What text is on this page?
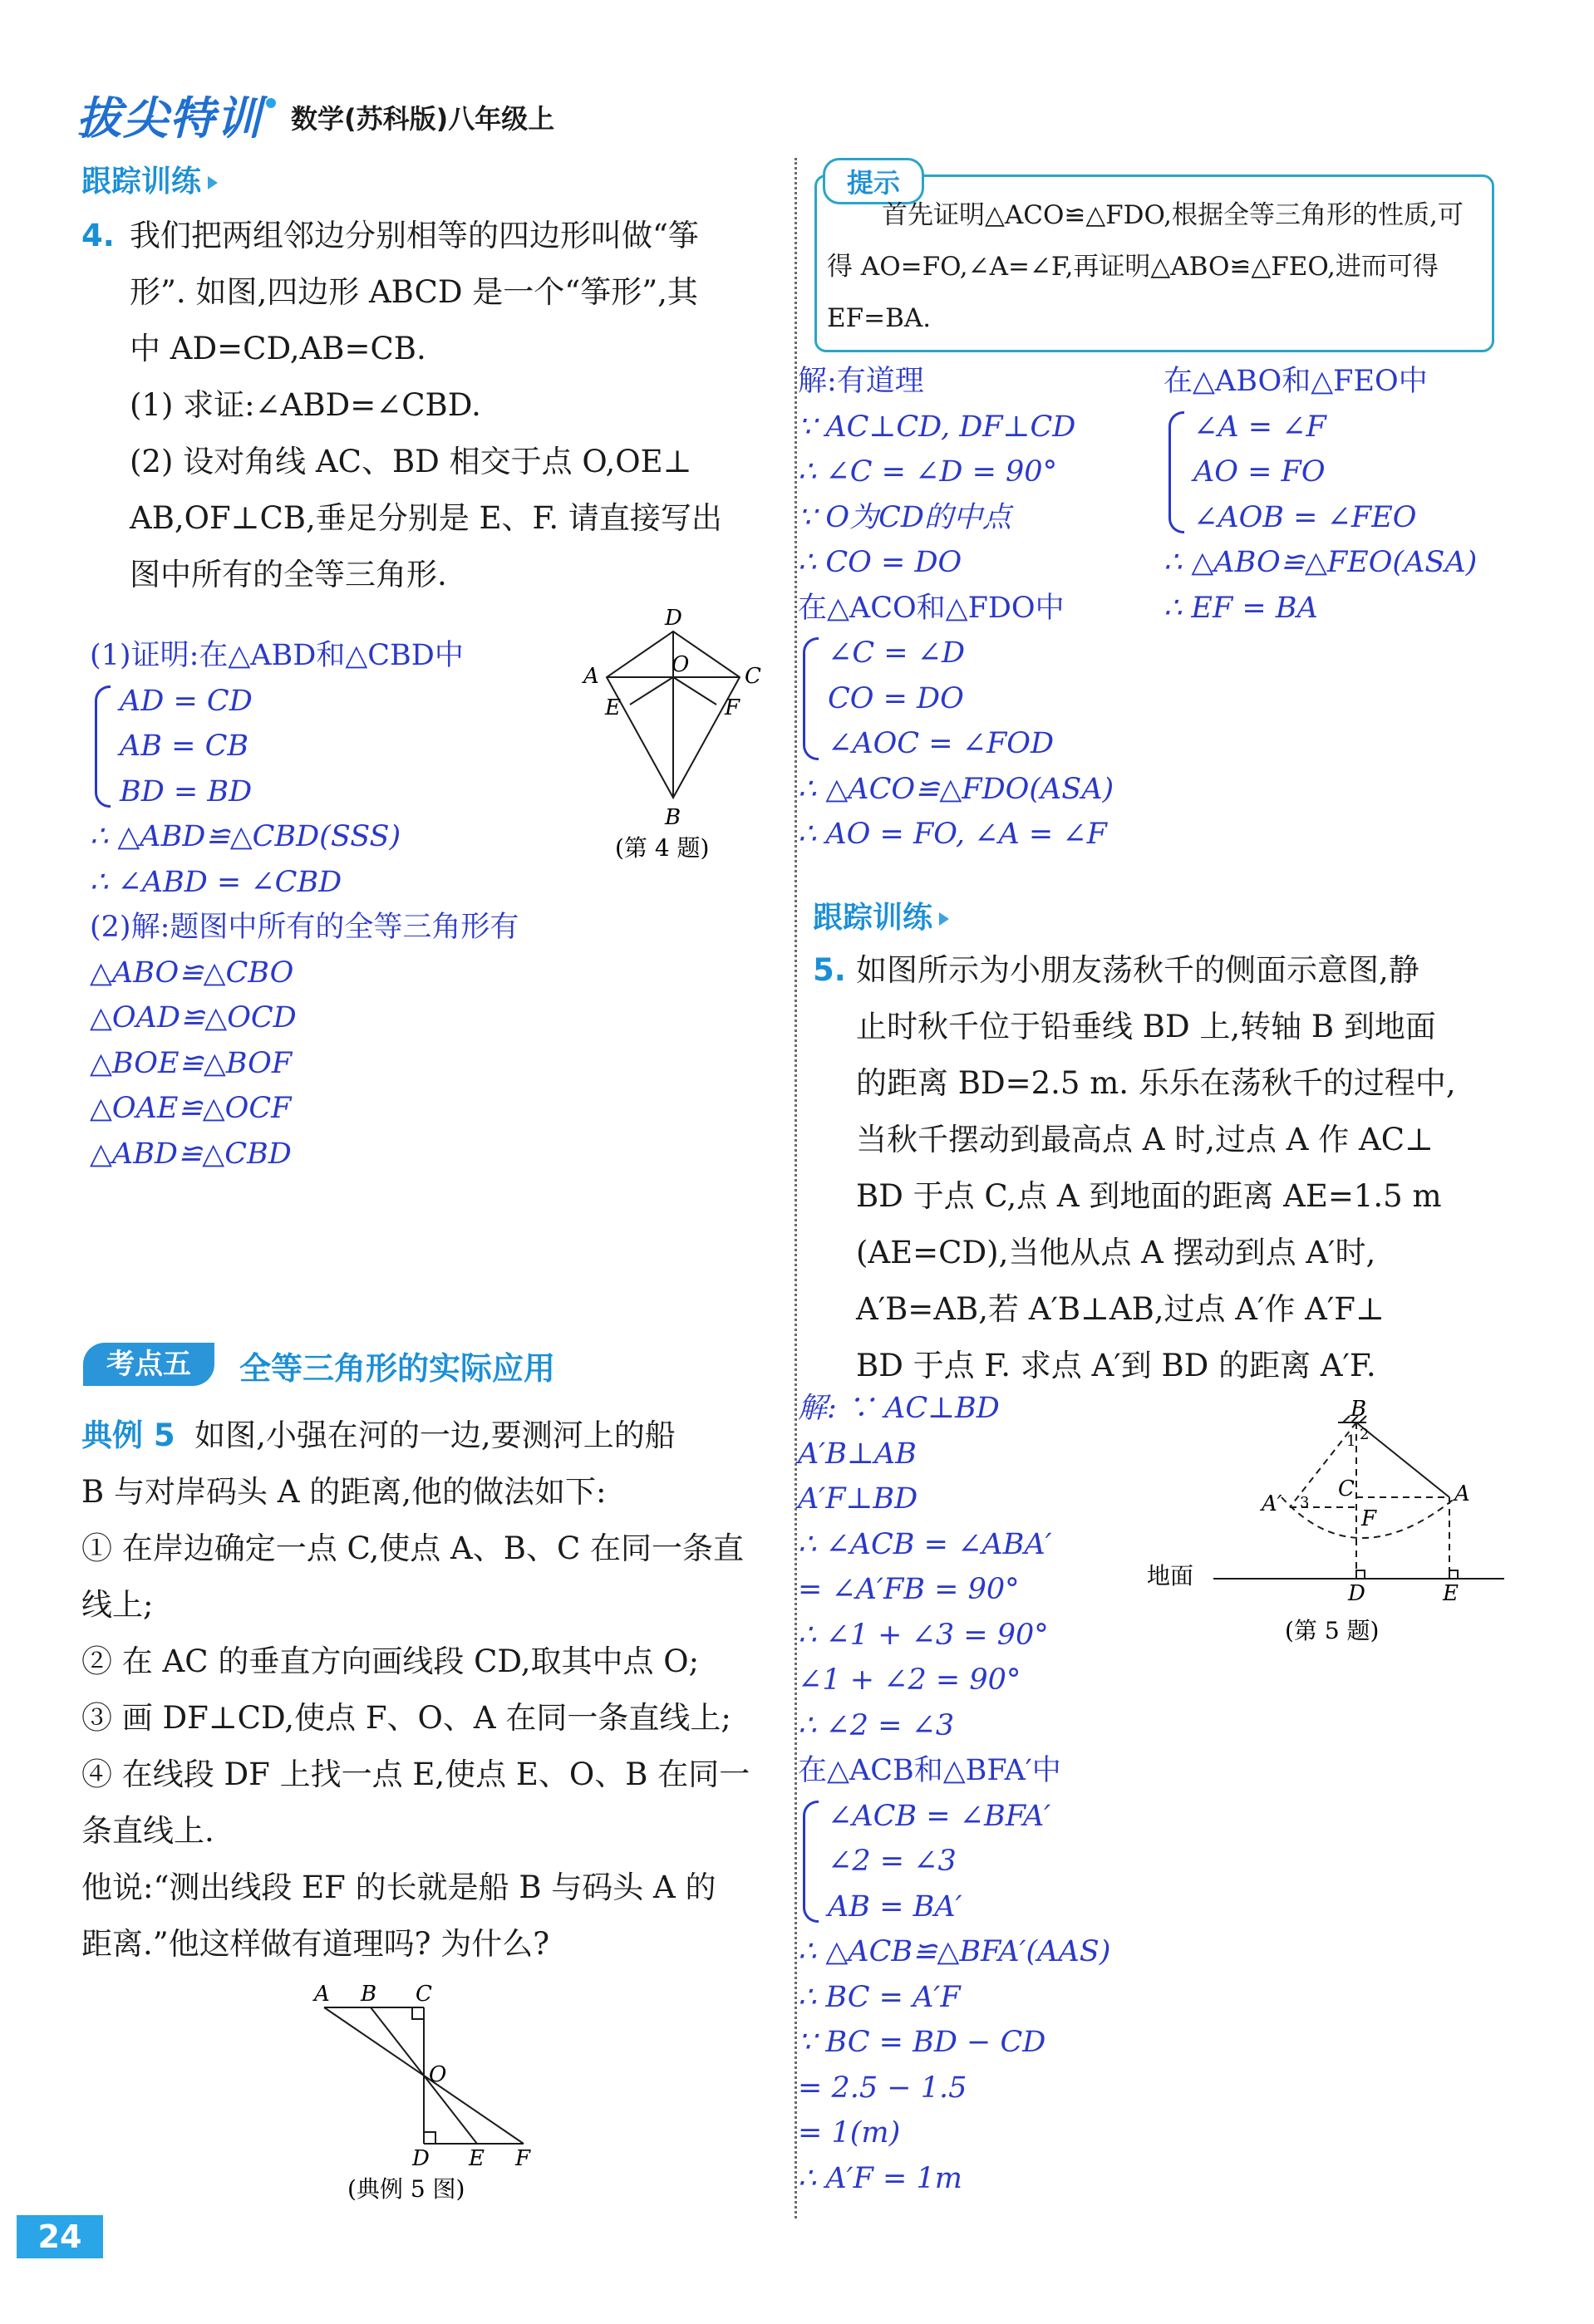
拔尖特训 数学(苏科版)八年级上
跟踪训练
4. 我们把两组邻边分别相等的四边形叫做“筝
形”. 如图,四边形 ABCD 是一个“筝形”,其
中 AD=CD,AB=CB.
(1) 求证:∠ABD=∠CBD.
(2) 设对角线 AC、BD 相交于点 O,OE⊥
AB,OF⊥CB,垂足分别是 E、F. 请直接写出
图中所有的全等三角形.
(1)证明:在△ABD和△CBD中
AD = CD
AB = CB
BD = BD
∴ △ABD≌△CBD(SSS)
∴ ∠ABD = ∠CBD
(2)解:题图中所有的全等三角形有
△ABO≌△CBO
△OAD≌△OCD
△BOE≌△BOF
△OAE≌△OCF
△ABD≌△CBD
D
A	C
O
E	F
B
(第 4 题)
考点五	全等三角形的实际应用
典例 5 如图,小强在河的一边,要测河上的船
B 与对岸码头 A 的距离,他的做法如下:
① 在岸边确定一点 C,使点 A、B、C 在同一条直
线上;
② 在 AC 的垂直方向画线段 CD,取其中点 O;
③ 画 DF⊥CD,使点 F、O、A 在同一条直线上;
④ 在线段 DF 上找一点 E,使点 E、O、B 在同一
条直线上.
他说:“测出线段 EF 的长就是船 B 与码头 A 的
距离.”他这样做有道理吗? 为什么?
A B C
O
D E F
(典例 5 图)
提示
首先证明△ACO≌△FDO,根据全等三角形的性质,可得 AO=FO,∠A=∠F,再证明△ABO≌△FEO,进而可得 EF=BA.
解:有道理
∵ AC⊥CD, DF⊥CD
∴ ∠C = ∠D = 90°
∵ O为CD的中点
∴ CO = DO
在△ACO和△FDO中
∠C = ∠D
CO = DO
∠AOC = ∠FOD
∴ △ACO≌△FDO(ASA)
∴ AO = FO, ∠A = ∠F
在△ABO和△FEO中
∠A = ∠F
AO = FO
∠AOB = ∠FEO
∴ △ABO≌△FEO(ASA)
∴ EF = BA
跟踪训练
5. 如图所示为小朋友荡秋千的侧面示意图,静
止时秋千位于铅垂线 BD 上,转轴 B 到地面
的距离 BD=2.5 m. 乐乐在荡秋千的过程中,
当秋千摆动到最高点 A 时,过点 A 作 AC⊥
BD 于点 C,点 A 到地面的距离 AE=1.5 m
(AE=CD),当他从点 A 摆动到点 A′时,
A′B=AB,若 A′B⊥AB,过点 A′作 A′F⊥
BD 于点 F. 求点 A′到 BD 的距离 A′F.
解: ∵ AC⊥BD
A′B⊥AB
A′F⊥BD
∴ ∠ACB = ∠ABA′
= ∠A′FB = 90°
∴ ∠1 + ∠3 = 90°
∠1 + ∠2 = 90°
∴ ∠2 = ∠3
在△ACB和△BFA′中
∠ACB = ∠BFA′
∠2 = ∠3
AB = BA′
∴ △ACB≌△BFA′(AAS)
∴ BC = A′F
∵ BC = BD − CD
= 2.5 − 1.5
= 1(m)
∴ A′F = 1m
B
A
A′
C
F
D	E
1 2
3
地面
(第 5 题)
24
